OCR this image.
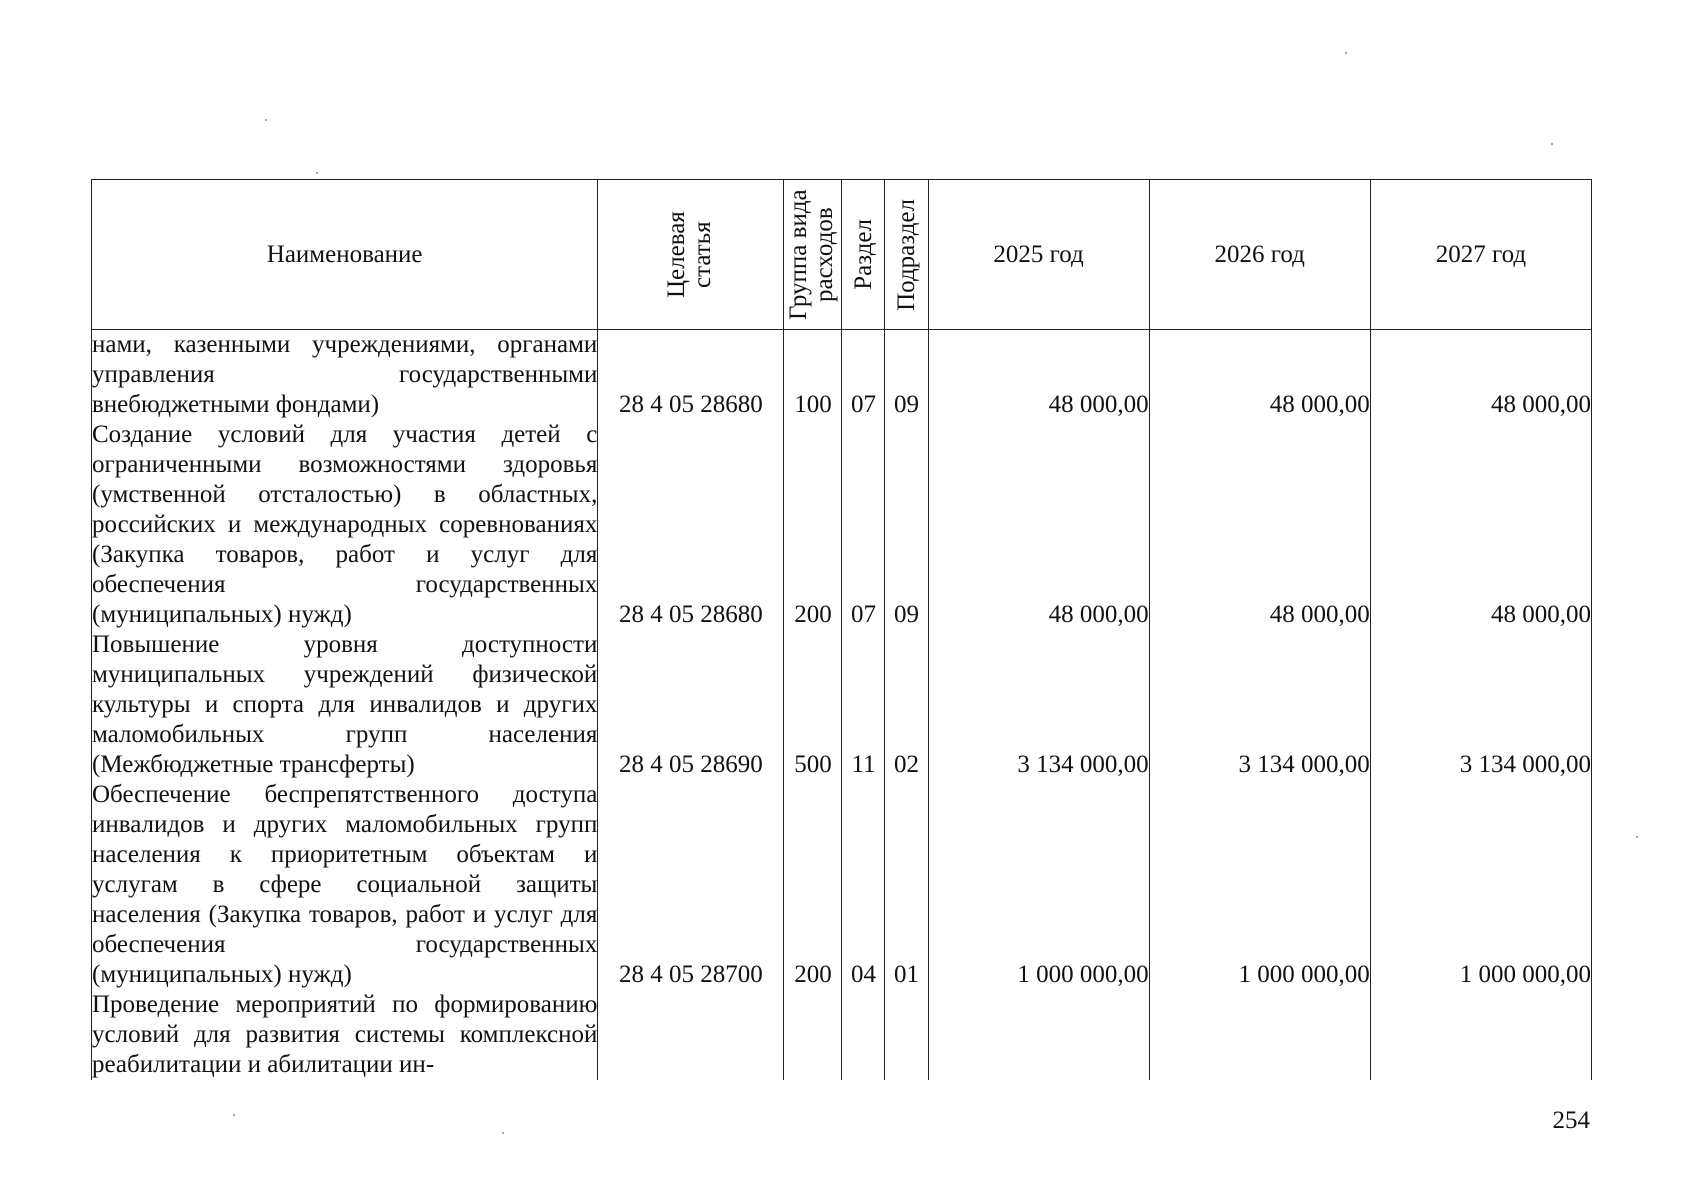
Наименование	Целевая статья	Группа вида расходов	Раздел	Подраздел	2025 год	2026 год	2027 год
нами, казенными учреждениями, органами управления государственными внебюджетными фондами)	28 4 05 28680	100	07	09	48 000,00	48 000,00	48 000,00
Создание условий для участия детей с ограниченными возможностями здоровья (умственной отсталостью) в областных, российских и международных соревнованиях (Закупка товаров, работ и услуг для обеспечения государственных (муниципальных) нужд)	28 4 05 28680	200	07	09	48 000,00	48 000,00	48 000,00
Повышение уровня доступности муниципальных учреждений физической культуры и спорта для инвалидов и других маломобильных групп населения (Межбюджетные трансферты)	28 4 05 28690	500	11	02	3 134 000,00	3 134 000,00	3 134 000,00
Обеспечение беспрепятственного доступа инвалидов и других маломобильных групп населения к приоритетным объектам и услугам в сфере социальной защиты населения (Закупка товаров, работ и услуг для обеспечения государственных (муниципальных) нужд)	28 4 05 28700	200	04	01	1 000 000,00	1 000 000,00	1 000 000,00
Проведение мероприятий по формированию условий для развития системы комплексной реабилитации и абилитации ин-							
254
